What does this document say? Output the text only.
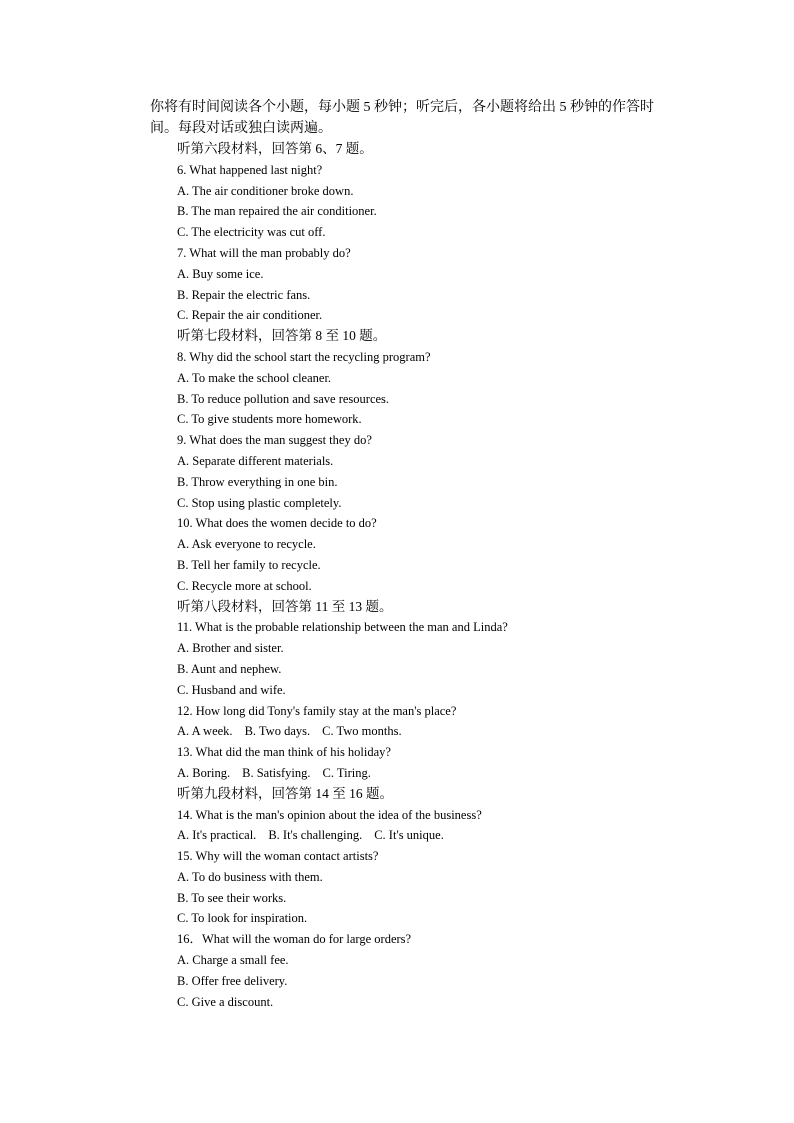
你将有时间阅读各个小题，每小题 5 秒钟；听完后，各小题将给出 5 秒钟的作答时间。每段对话或独白读两遍。
听第六段材料，回答第 6、7 题。
6. What happened last night?
A. The air conditioner broke down.
B. The man repaired the air conditioner.
C. The electricity was cut off.
7. What will the man probably do?
A. Buy some ice.
B. Repair the electric fans.
C. Repair the air conditioner.
听第七段材料，回答第 8 至 10 题。
8. Why did the school start the recycling program?
A. To make the school cleaner.
B. To reduce pollution and save resources.
C. To give students more homework.
9. What does the man suggest they do?
A. Separate different materials.
B. Throw everything in one bin.
C. Stop using plastic completely.
10. What does the women decide to do?
A. Ask everyone to recycle.
B. Tell her family to recycle.
C. Recycle more at school.
听第八段材料，回答第 11 至 13 题。
11. What is the probable relationship between the man and Linda?
A. Brother and sister.
B. Aunt and nephew.
C. Husband and wife.
12. How long did Tony's family stay at the man's place?
A. A week. B. Two days. C. Two months.
13. What did the man think of his holiday?
A. Boring. B. Satisfying. C. Tiring.
听第九段材料，回答第 14 至 16 题。
14. What is the man's opinion about the idea of the business?
A. It's practical. B. It's challenging. C. It's unique.
15. Why will the woman contact artists?
A. To do business with them.
B. To see their works.
C. To look for inspiration.
16．What will the woman do for large orders?
A. Charge a small fee.
B. Offer free delivery.
C. Give a discount.
